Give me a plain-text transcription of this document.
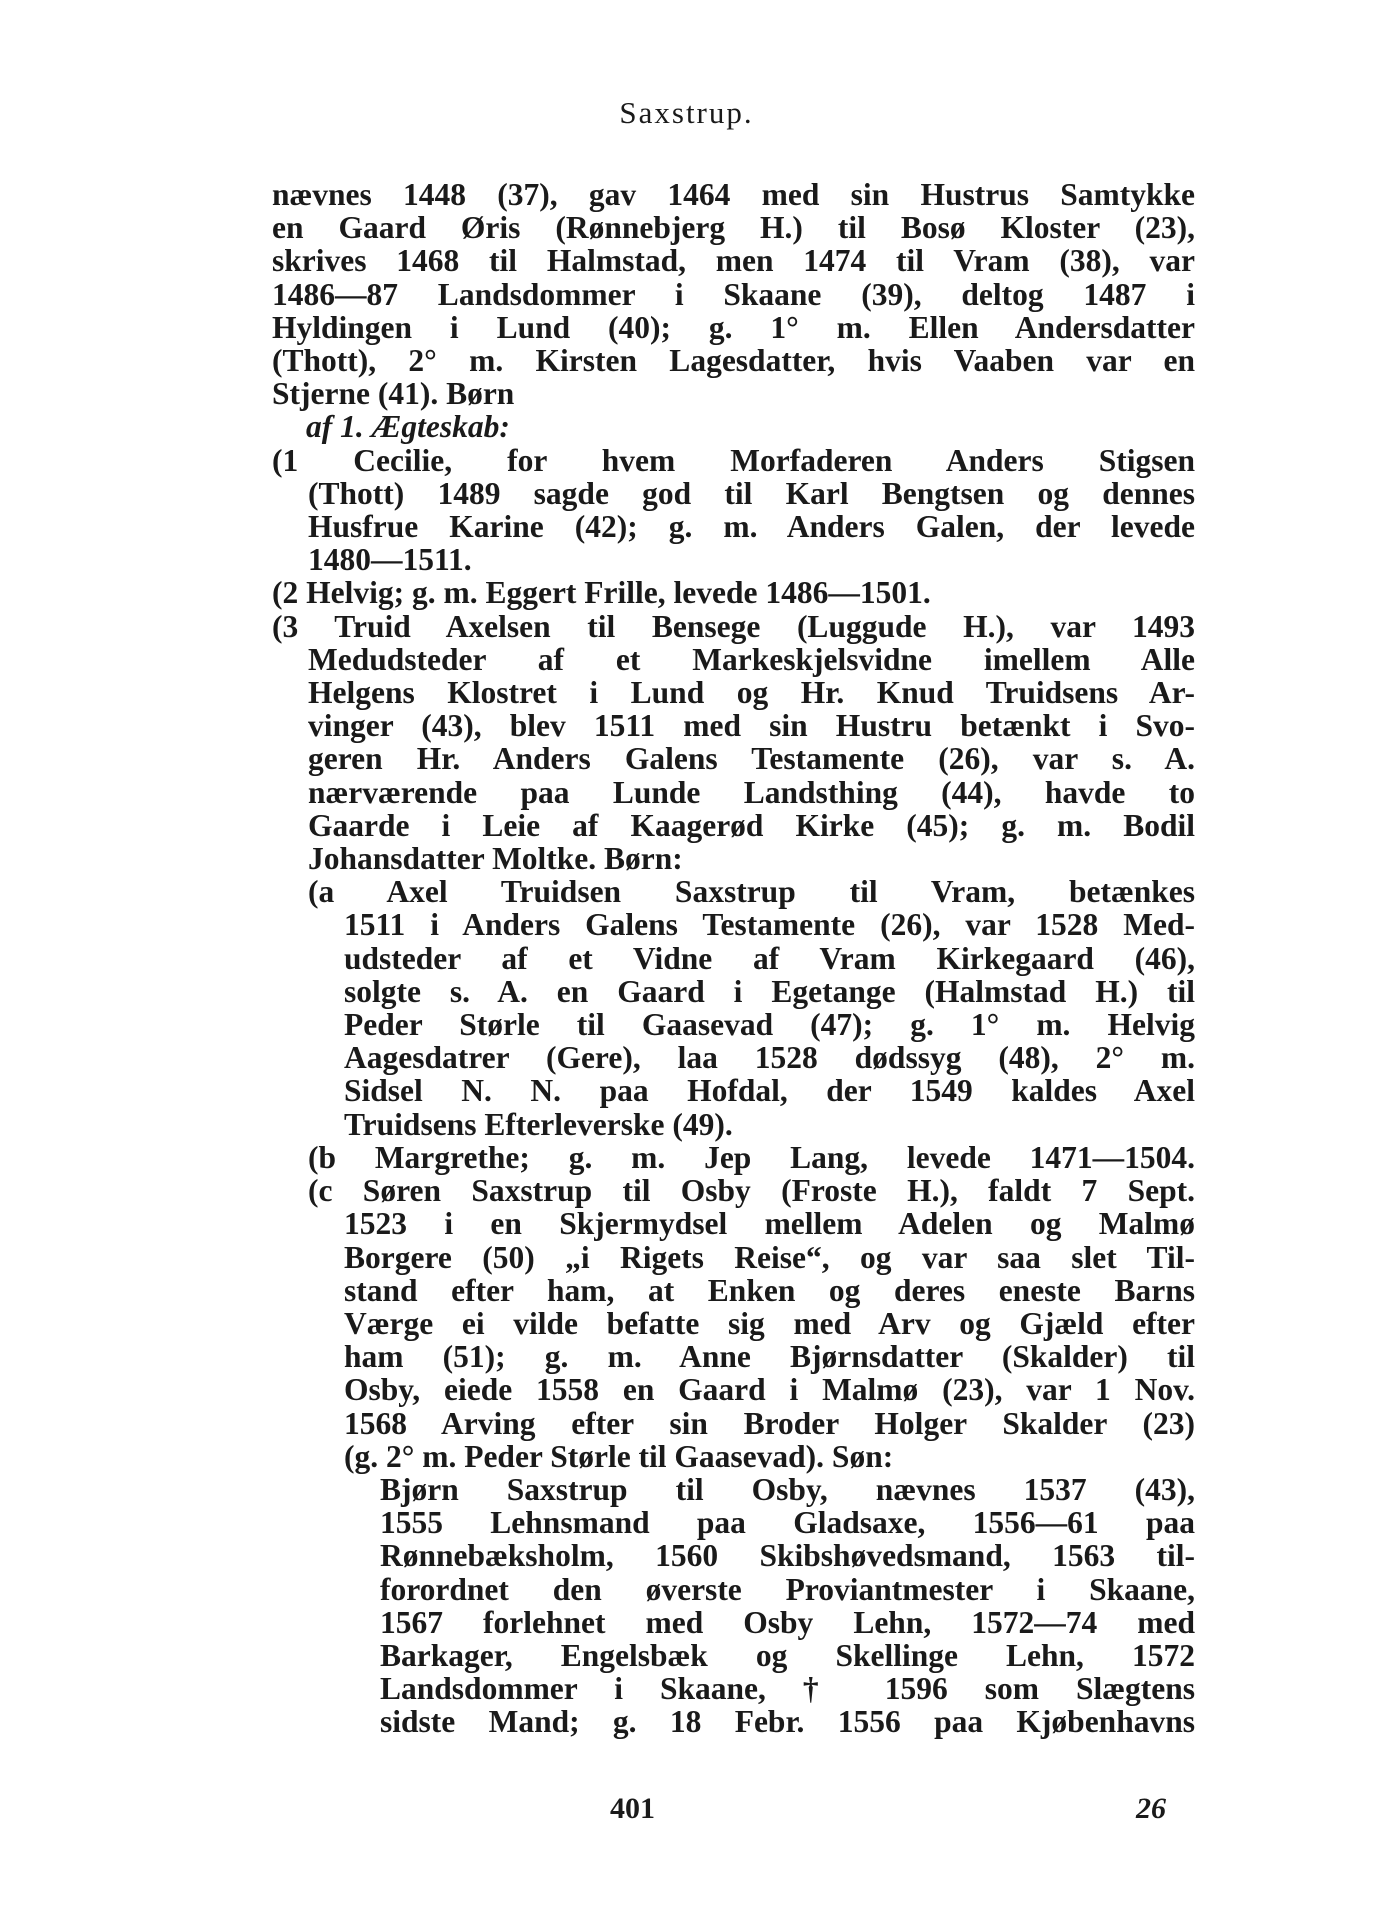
Saxstrup.
nævnes 1448 (37), gav 1464 med sin Hustrus Samtykke
en Gaard Øris (Rønnebjerg H.) til Bosø Kloster (23),
skrives 1468 til Halmstad, men 1474 til Vram (38), var
1486—87 Landsdommer i Skaane (39), deltog 1487 i
Hyldingen i Lund (40); g. 1° m. Ellen Andersdatter
(Thott), 2° m. Kirsten Lagesdatter, hvis Vaaben var en
Stjerne (41). Børn
af 1. Ægteskab:
(1 Cecilie, for hvem Morfaderen Anders Stigsen
(Thott) 1489 sagde god til Karl Bengtsen og dennes
Husfrue Karine (42); g. m. Anders Galen, der levede
1480—1511.
(2 Helvig; g. m. Eggert Frille, levede 1486—1501.
(3 Truid Axelsen til Bensege (Luggude H.), var 1493
Medudsteder af et Markeskjelsvidne imellem Alle
Helgens Klostret i Lund og Hr. Knud Truidsens Ar-
vinger (43), blev 1511 med sin Hustru betænkt i Svo-
geren Hr. Anders Galens Testamente (26), var s. A.
nærværende paa Lunde Landsthing (44), havde to
Gaarde i Leie af Kaagerød Kirke (45); g. m. Bodil
Johansdatter Moltke. Børn:
(a Axel Truidsen Saxstrup til Vram, betænkes
1511 i Anders Galens Testamente (26), var 1528 Med-
udsteder af et Vidne af Vram Kirkegaard (46),
solgte s. A. en Gaard i Egetange (Halmstad H.) til
Peder Størle til Gaasevad (47); g. 1° m. Helvig
Aagesdatrer (Gere), laa 1528 dødssyg (48), 2° m.
Sidsel N. N. paa Hofdal, der 1549 kaldes Axel
Truidsens Efterleverske (49).
(b Margrethe; g. m. Jep Lang, levede 1471—1504.
(c Søren Saxstrup til Osby (Froste H.), faldt 7 Sept.
1523 i en Skjermydsel mellem Adelen og Malmø
Borgere (50) „i Rigets Reise“, og var saa slet Til-
stand efter ham, at Enken og deres eneste Barns
Værge ei vilde befatte sig med Arv og Gjæld efter
ham (51); g. m. Anne Bjørnsdatter (Skalder) til
Osby, eiede 1558 en Gaard i Malmø (23), var 1 Nov.
1568 Arving efter sin Broder Holger Skalder (23)
(g. 2° m. Peder Størle til Gaasevad). Søn:
Bjørn Saxstrup til Osby, nævnes 1537 (43),
1555 Lehnsmand paa Gladsaxe, 1556—61 paa
Rønnebæksholm, 1560 Skibshøvedsmand, 1563 til-
forordnet den øverste Proviantmester i Skaane,
1567 forlehnet med Osby Lehn, 1572—74 med
Barkager, Engelsbæk og Skellinge Lehn, 1572
Landsdommer i Skaane, † 1596 som Slægtens
sidste Mand; g. 18 Febr. 1556 paa Kjøbenhavns
401	26
